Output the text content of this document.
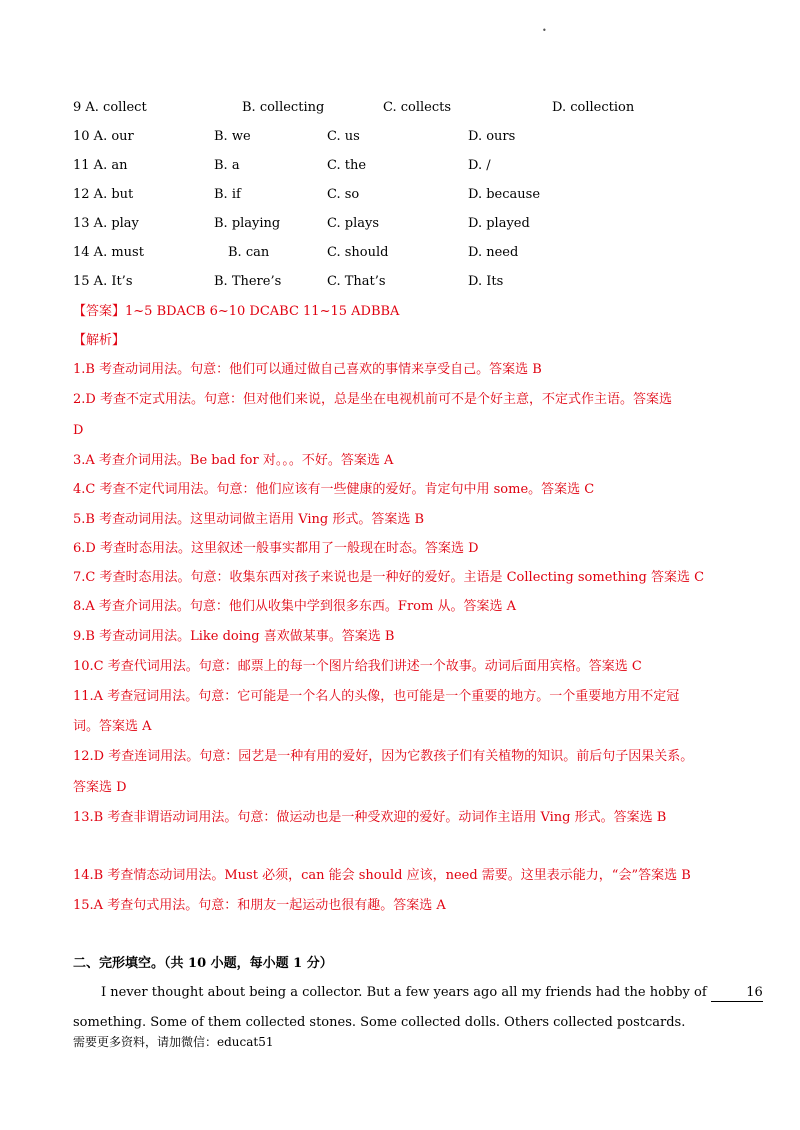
•
9 A. collect	B. collecting	C. collects	D. collection
10 A. our	B. we	C. us	D. ours
11 A. an	B. a	C. the	D. /
12 A. but	B. if	C. so	D. because
13 A. play	B. playing	C. plays	D. played
14 A. must	B. can	C. should	D. need
15 A. It’s	B. There’s	C. That’s	D. Its
【答案】1~5 BDACB 6~10 DCABC 11~15 ADBBA
【解析】
1.B 考查动词用法。句意：他们可以通过做自己喜欢的事情来享受自己。答案选 B
2.D 考查不定式用法。句意：但对他们来说，总是坐在电视机前可不是个好主意，不定式作主语。答案选
D
3.A 考查介词用法。Be bad for 对。。。不好。答案选 A
4.C 考查不定代词用法。句意：他们应该有一些健康的爱好。肯定句中用 some。答案选 C
5.B 考查动词用法。这里动词做主语用 Ving 形式。答案选 B
6.D 考查时态用法。这里叙述一般事实都用了一般现在时态。答案选 D
7.C 考查时态用法。句意：收集东西对孩子来说也是一种好的爱好。主语是 Collecting something 答案选 C
8.A 考查介词用法。句意：他们从收集中学到很多东西。From 从。答案选 A
9.B 考查动词用法。Like doing 喜欢做某事。答案选 B
10.C 考查代词用法。句意：邮票上的每一个图片给我们讲述一个故事。动词后面用宾格。答案选 C
11.A 考查冠词用法。句意：它可能是一个名人的头像，也可能是一个重要的地方。一个重要地方用不定冠
词。答案选 A
12.D 考查连词用法。句意：园艺是一种有用的爱好，因为它教孩子们有关植物的知识。前后句子因果关系。
答案选 D
13.B 考查非谓语动词用法。句意：做运动也是一种受欢迎的爱好。动词作主语用 Ving 形式。答案选 B
14.B 考查情态动词用法。Must 必须，can 能会 should 应该，need 需要。这里表示能力，“会”答案选 B
15.A 考查句式用法。句意：和朋友一起运动也很有趣。答案选 A
二、完形填空。（共 10 小题，每小题 1 分）
I never thought about being a collector. But a few years ago all my friends had the hobby of	16
something. Some of them collected stones. Some collected dolls. Others collected postcards.
需要更多资料，请加微信：educat51
